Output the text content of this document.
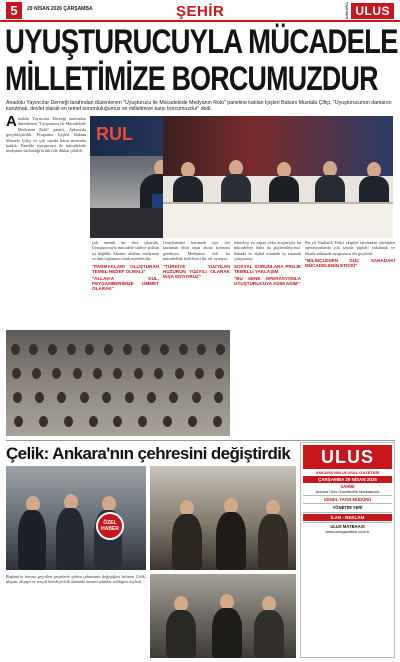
5	29 NİSAN 2026 ÇARŞAMBA	ŞEHİR	ANKARA ULUS
UYUŞTURUCUYLA MÜCADELE
MİLLETİMİZE BORCUMUZDUR
Anadolu Yayıncılar Derneği tarafından düzenlenen "Uyuşturucu ile Mücadelede Medyanın Rolü" paneline katılan İçişleri Bakanı Mustafa Çiftçi, "Uyuşturucunun damarını kurutmak, devlet olarak en temel sorumluluğumuz ve milletimize karşı borcumuzdur" dedi.
RUL
A nadolu Yayıncılar Derneği tarafından düzenlenen "Uyuşturucu ile Mücadelede Medyanın Rolü" paneli, Ankara'da gerçekleştirildi. Programa İçişleri Bakanı Mustafa Çiftçi ve çok sayıda basın mensubu katıldı. Panelde uyuşturucu ile mücadelede medyanın üstlendiği kritik role dikkat çekildi.
çok önemli bir ders çıkardık. Uyuşturucuyla mücadele sadece polisin işi değildir. Ailenin, okulun, medyanın ve tüm toplumun ortak meselesidir.
"PARMAKLARI OLUŞTURAN TEMEL HEDEF OLMALI"
"ALLAH'A KUL, PEYGAMBERİMİZE ÜMMET OLARAK"
Gençlerimizi korumak için her kurumun elini taşın altına koyması gerekiyor. Medyanın dili bu mücadelede belirleyici bir rol oynuyor.
"TÜRKİYE YÜZYILINI HUZURUN YÜZYILI OLARAK İNŞA EDİYORUZ"
teknoloji ve yapay zeka araçlarıyla bu mücadeleyi daha da güçlendiriyoruz. Sahada ve dijital ortamda eş zamanlı çalışıyoruz.
SOSYAL SORUNLARA PROJE TEMELLİ YAKLAŞIM
"BU SENE OPERASYONLA UYUŞTURUCUYA ADIM ADIM"
Bu yıl Narkotik Polisi ekipleri tarafından yürütülen operasyonlarda çok sayıda şüpheli yakalandı ve büyük miktarda uyuşturucu ele geçirildi.
"BİLİNÇLENEN GÜÇ SAHADAKİ MÜCADELENİN ETKİSİ"
Çelik: Ankara'nın çehresini değiştirdik
ÖZEL HABER
Başkent'te hayata geçirilen projelerle şehrin çehresinin değiştiğini belirten Çelik, ulaşım, altyapı ve sosyal belediyecilik alanında önemli adımlar atıldığını söyledi.
ULUS
ANKARA'NIN ULUSAL GAZETESİ
ÇARŞAMBA 29 NİSAN 2026
SAHİBİ
Ankara Ulus Gazetecilik Matbaacılık
GENEL YAYIN MÜDÜRÜ
YÖNETİM YERİ
İLAN - REKLAM
ULUS MATBAASI
www.ulusgazetesi.com.tr
